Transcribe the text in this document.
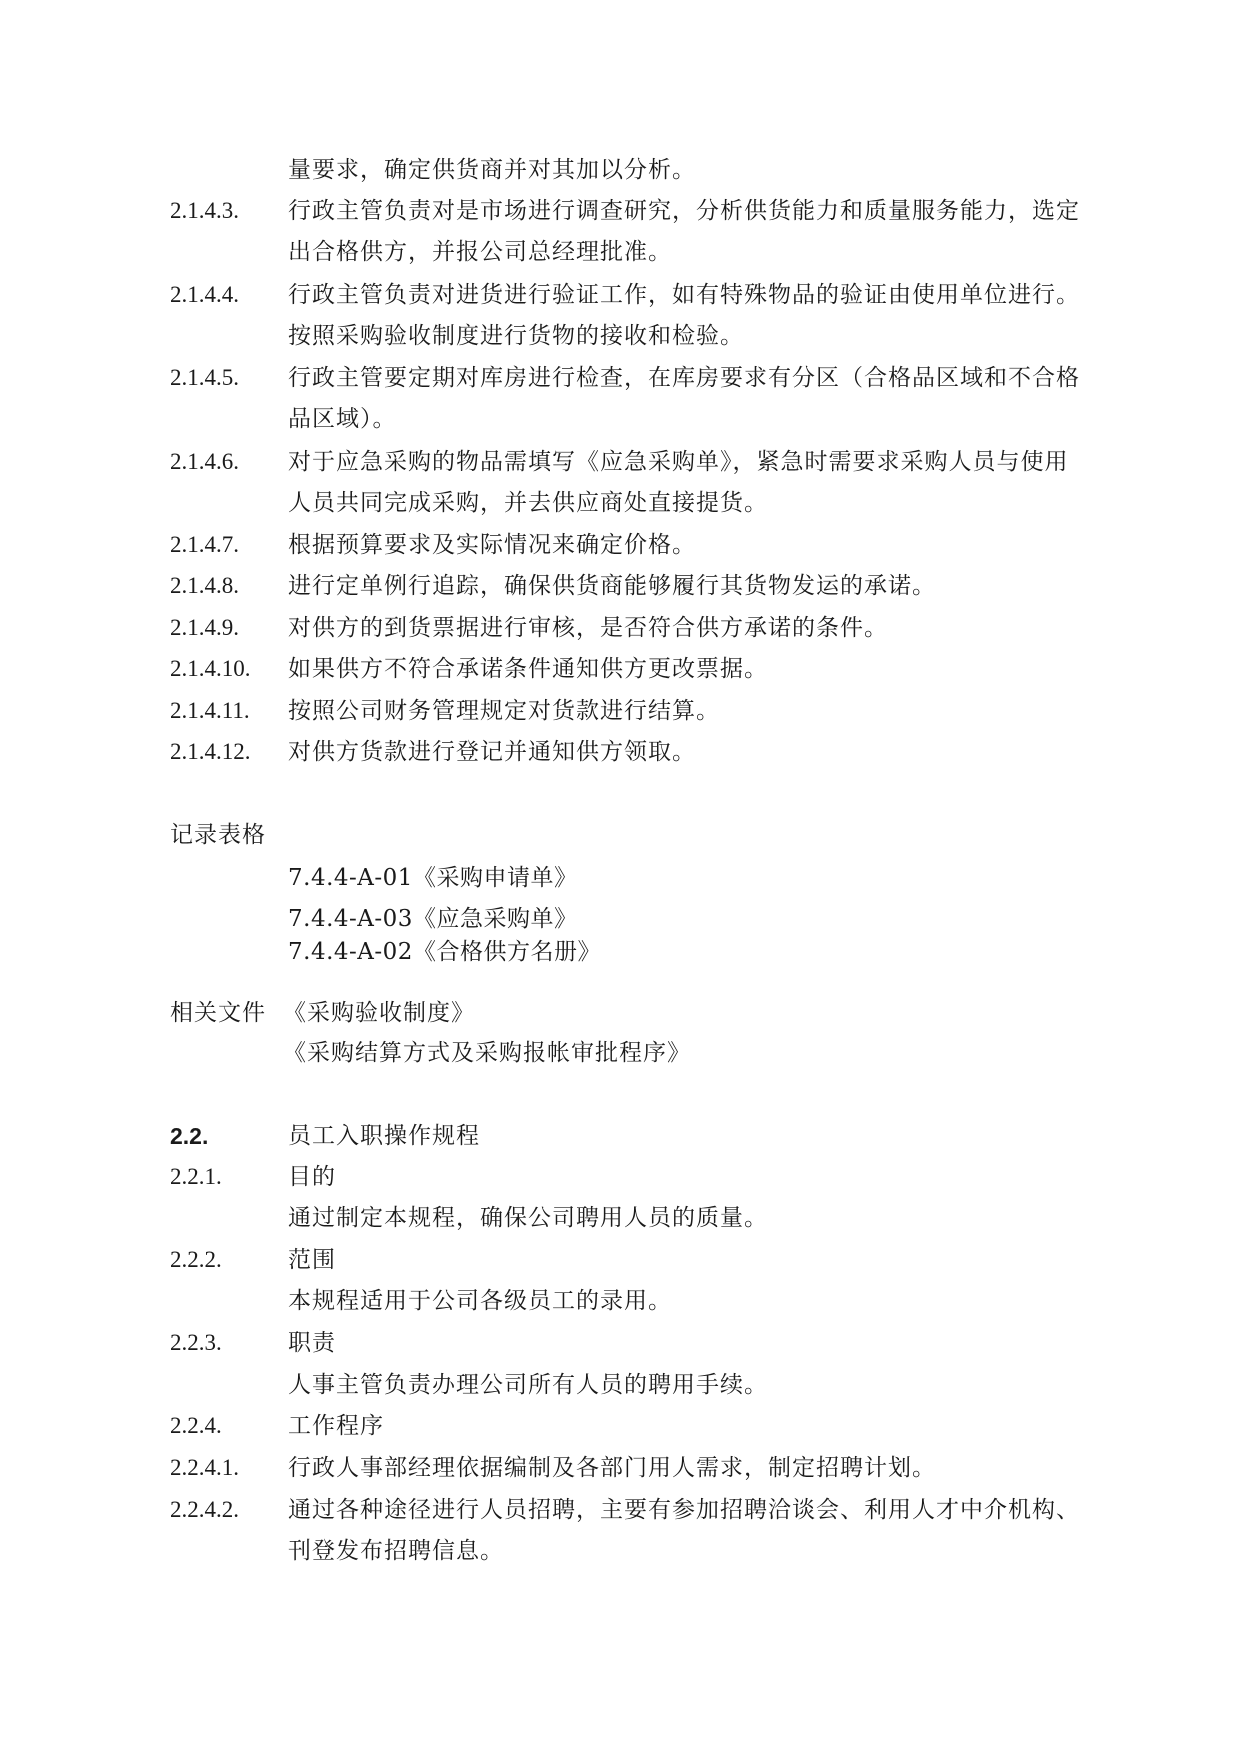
量要求，确定供货商并对其加以分析。
2.1.4.3. 行政主管负责对是市场进行调查研究，分析供货能力和质量服务能力，选定
出合格供方，并报公司总经理批准。
2.1.4.4. 行政主管负责对进货进行验证工作，如有特殊物品的验证由使用单位进行。
按照采购验收制度进行货物的接收和检验。
2.1.4.5. 行政主管要定期对库房进行检查，在库房要求有分区（合格品区域和不合格
品区域）。
2.1.4.6. 对于应急采购的物品需填写《应急采购单》，紧急时需要求采购人员与使用
人员共同完成采购，并去供应商处直接提货。
2.1.4.7. 根据预算要求及实际情况来确定价格。
2.1.4.8. 进行定单例行追踪，确保供货商能够履行其货物发运的承诺。
2.1.4.9. 对供方的到货票据进行审核，是否符合供方承诺的条件。
2.1.4.10. 如果供方不符合承诺条件通知供方更改票据。
2.1.4.11. 按照公司财务管理规定对货款进行结算。
2.1.4.12. 对供方货款进行登记并通知供方领取。
记录表格
7.4.4-A-01《采购申请单》
7.4.4-A-03《应急采购单》
7.4.4-A-02《合格供方名册》
相关文件 《采购验收制度》
《采购结算方式及采购报帐审批程序》
2.2.	员工入职操作规程
2.2.1.	目的
通过制定本规程，确保公司聘用人员的质量。
2.2.2.	范围
本规程适用于公司各级员工的录用。
2.2.3.	职责
人事主管负责办理公司所有人员的聘用手续。
2.2.4.	工作程序
2.2.4.1. 行政人事部经理依据编制及各部门用人需求，制定招聘计划。
2.2.4.2. 通过各种途径进行人员招聘，主要有参加招聘洽谈会、利用人才中介机构、
刊登发布招聘信息。
